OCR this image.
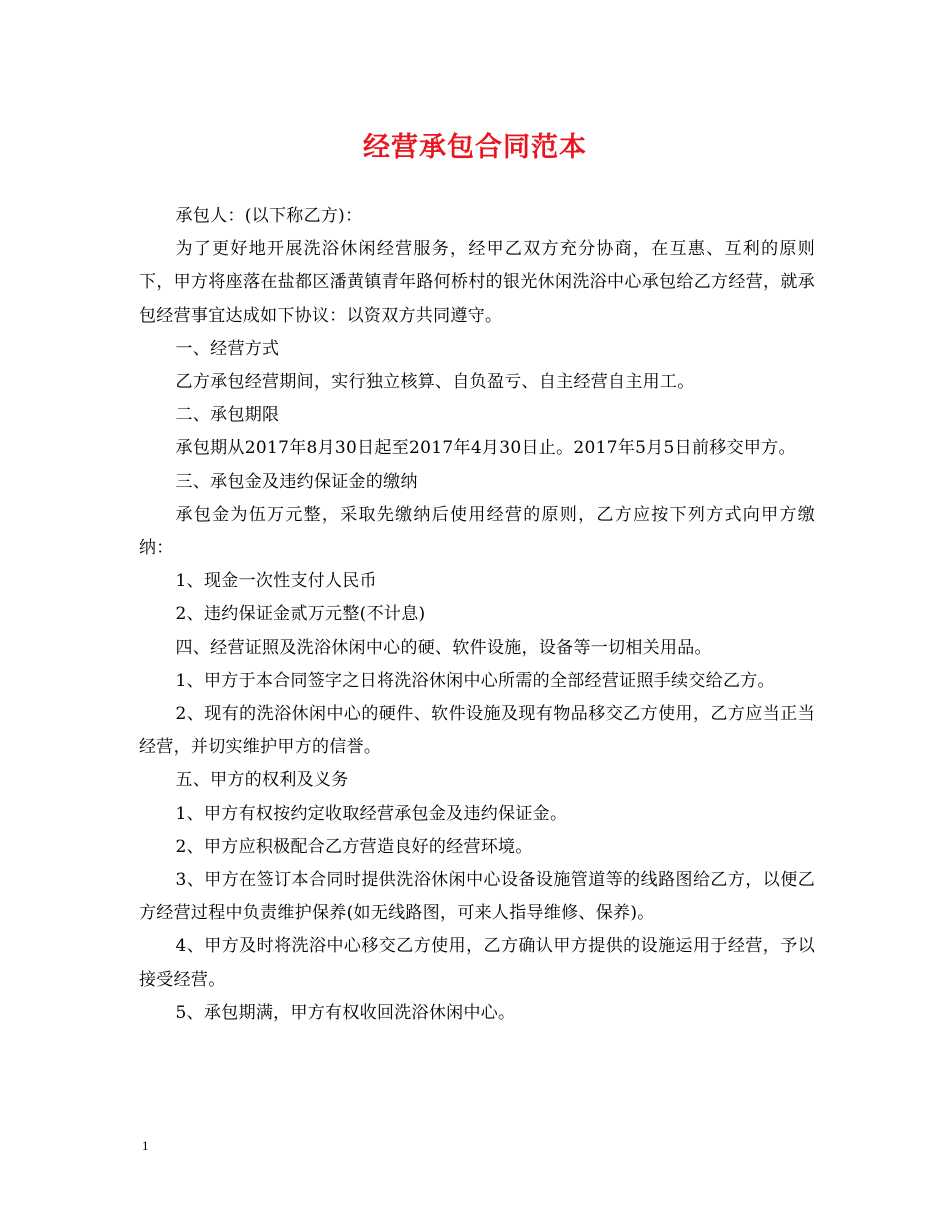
经营承包合同范本

承包人：(以下称乙方)：

为了更好地开展洗浴休闲经营服务，经甲乙双方充分协商，在互惠、互利的原则下，甲方将座落在盐都区潘黄镇青年路何桥村的银光休闲洗浴中心承包给乙方经营，就承包经营事宜达成如下协议：以资双方共同遵守。

一、经营方式

乙方承包经营期间，实行独立核算、自负盈亏、自主经营自主用工。

二、承包期限

承包期从2017年8月30日起至2017年4月30日止。2017年5月5日前移交甲方。

三、承包金及违约保证金的缴纳

承包金为伍万元整，采取先缴纳后使用经营的原则，乙方应按下列方式向甲方缴纳：

1、现金一次性支付人民币

2、违约保证金贰万元整(不计息)

四、经营证照及洗浴休闲中心的硬、软件设施，设备等一切相关用品。

1、甲方于本合同签字之日将洗浴休闲中心所需的全部经营证照手续交给乙方。

2、现有的洗浴休闲中心的硬件、软件设施及现有物品移交乙方使用，乙方应当正当经营，并切实维护甲方的信誉。

五、甲方的权利及义务

1、甲方有权按约定收取经营承包金及违约保证金。

2、甲方应积极配合乙方营造良好的经营环境。

3、甲方在签订本合同时提供洗浴休闲中心设备设施管道等的线路图给乙方，以便乙方经营过程中负责维护保养(如无线路图，可来人指导维修、保养)。

4、甲方及时将洗浴中心移交乙方使用，乙方确认甲方提供的设施运用于经营，予以接受经营。

5、承包期满，甲方有权收回洗浴休闲中心。

1
